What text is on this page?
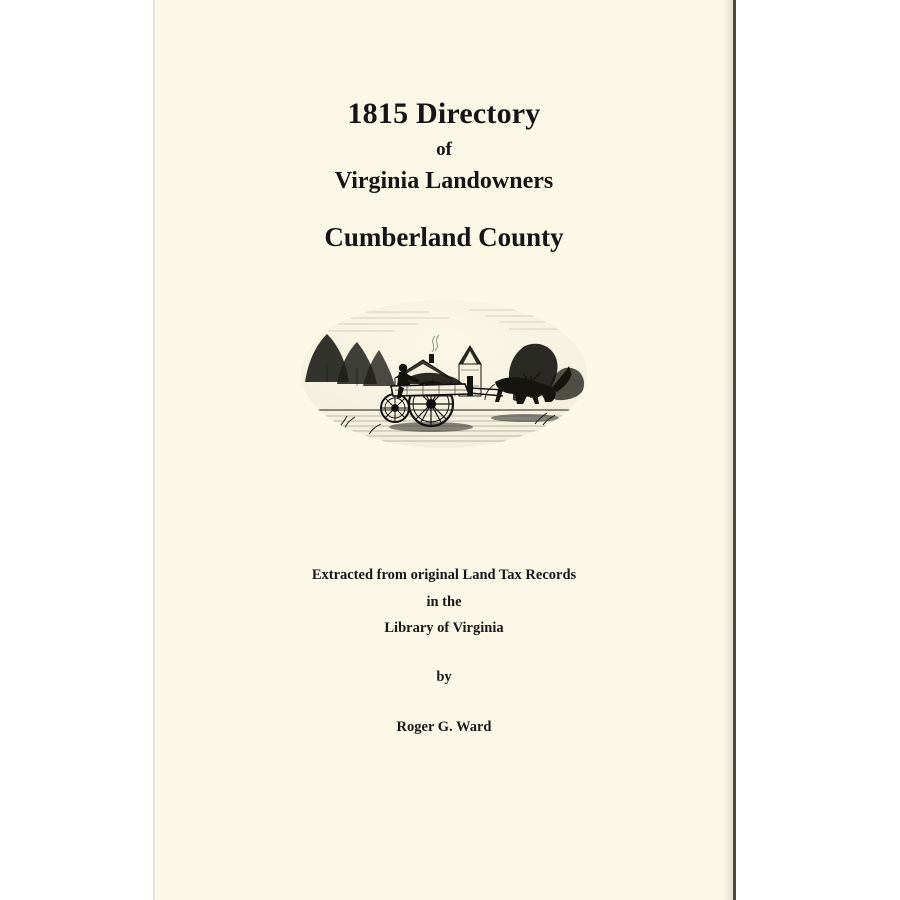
1815 Directory
of
Virginia Landowners
Cumberland County
Extracted from original Land Tax Records
in the
Library of Virginia
by
Roger G. Ward
